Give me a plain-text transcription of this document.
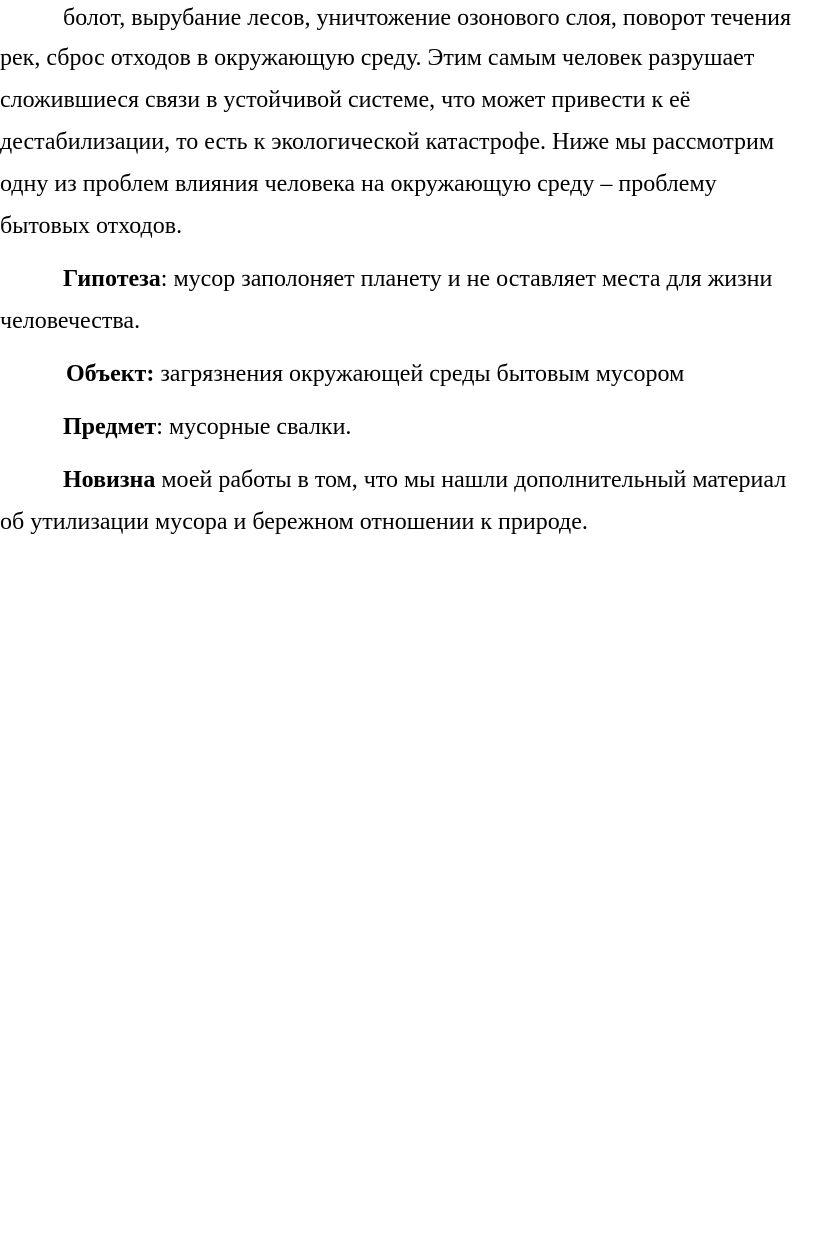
болот, вырубание лесов, уничтожение озонового слоя, поворот течения

рек, сброс отходов в окружающую среду. Этим самым человек разрушает

сложившиеся связи в устойчивой системе, что может привести к её

дестабилизации, то есть к экологической катастрофе. Ниже мы рассмотрим

одну из проблем влияния человека на окружающую среду – проблему

бытовых отходов.

Гипотеза: мусор заполоняет планету и не оставляет места для жизни

человечества.

Объект: загрязнения окружающей среды бытовым мусором

Предмет: мусорные свалки.

Новизна моей работы в том, что мы нашли дополнительный материал

об утилизации мусора и бережном отношении к природе.
